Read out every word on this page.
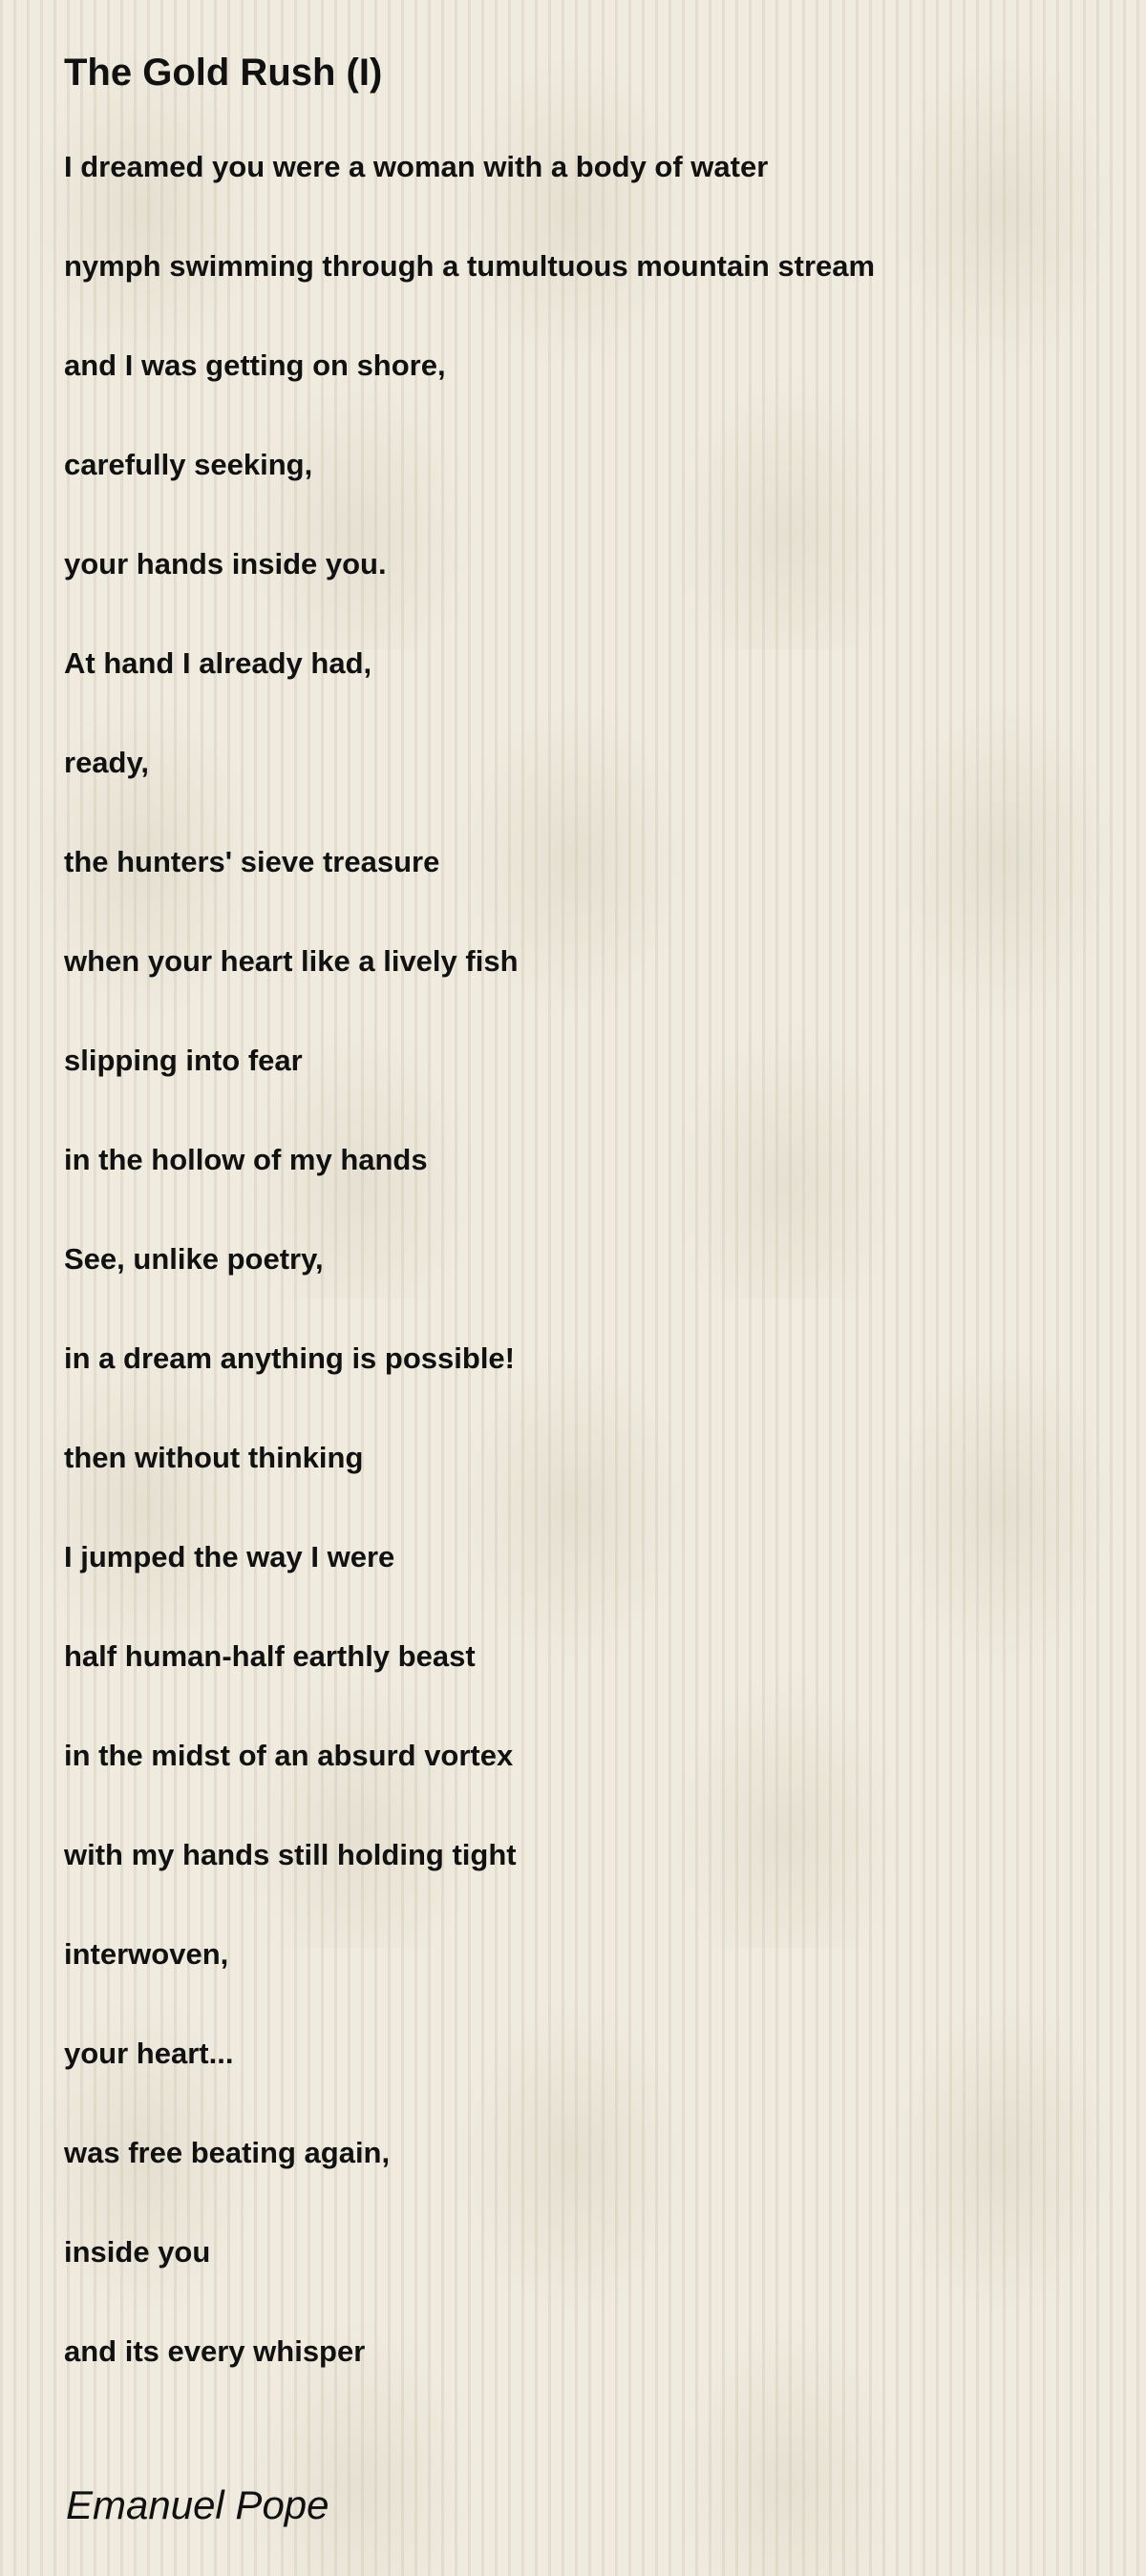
The Gold Rush (I)
I dreamed you were a woman with a body of water
nymph swimming through a tumultuous mountain stream
and I was getting on shore,
carefully seeking,
your hands inside you.
At hand I already had,
ready,
the hunters' sieve treasure
when your heart like a lively fish
slipping into fear
in the hollow of my hands
See, unlike poetry,
in a dream anything is possible!
then without thinking
I jumped the way I were
half human-half earthly beast
in the midst of an absurd vortex
with my hands still holding tight
interwoven,
your heart...
was free beating again,
inside you
and its every whisper

Emanuel Pope
